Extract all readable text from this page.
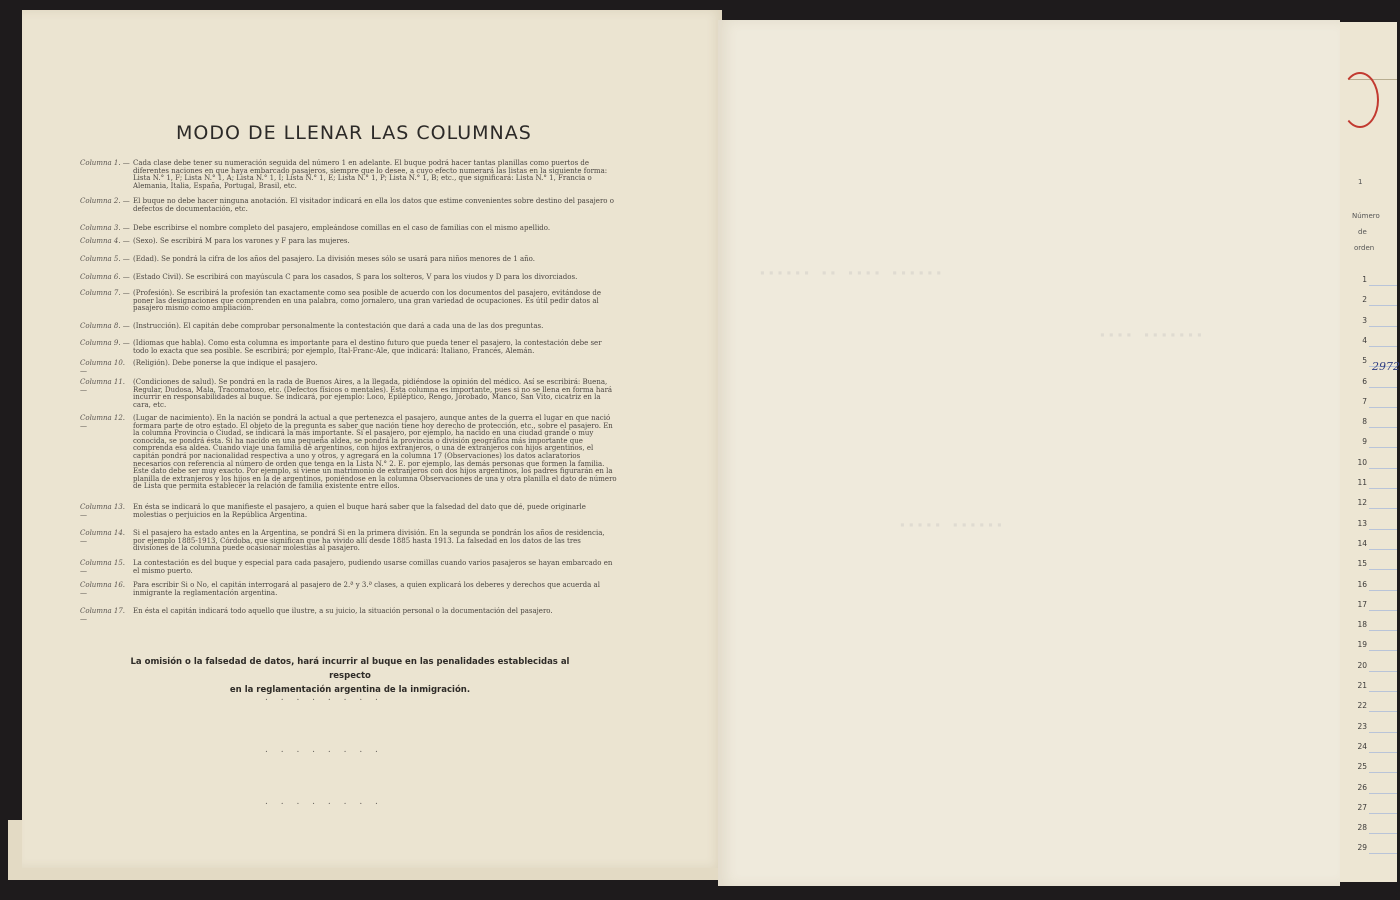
MODO DE LLENAR LAS COLUMNAS
Columna 1. — Cada clase debe tener su numeración seguida del número 1 en adelante. El buque podrá hacer tantas planillas como puertos de diferentes naciones en que haya embarcado pasajeros, siempre que lo desee, a cuyo efecto numerará las listas en la siguiente forma: Lista N.° 1, F; Lista N.° 1, A; Lista N.° 1, I; Lista N.° 1, E; Lista N.° 1, P; Lista N.° 1, B; etc., que significará: Lista N.° 1, Francia o Alemania, Italia, España, Portugal, Brasil, etc.
Columna 2. — El buque no debe hacer ninguna anotación. El visitador indicará en ella los datos que estime convenientes sobre destino del pasajero o defectos de documentación, etc.
Columna 3. — Debe escribirse el nombre completo del pasajero, empleándose comillas en el caso de familias con el mismo apellido.
Columna 4. — (Sexo). Se escribirá M para los varones y F para las mujeres.
Columna 5. — (Edad). Se pondrá la cifra de los años del pasajero. La división meses sólo se usará para niños menores de 1 año.
Columna 6. — (Estado Civil). Se escribirá con mayúscula C para los casados, S para los solteros, V para los viudos y D para los divorciados.
Columna 7. — (Profesión). Se escribirá la profesión tan exactamente como sea posible de acuerdo con los documentos del pasajero, evitándose de poner las designaciones que comprenden en una palabra, como jornalero, una gran variedad de ocupaciones. Es útil pedir datos al pasajero mismo como ampliación.
Columna 8. — (Instrucción). El capitán debe comprobar personalmente la contestación que dará a cada una de las dos preguntas.
Columna 9. — (Idiomas que habla). Como esta columna es importante para el destino futuro que pueda tener el pasajero, la contestación debe ser todo lo exacta que sea posible. Se escribirá; por ejemplo, Ital-Franc-Ale, que indicará: Italiano, Francés, Alemán.
Columna 10. —
(Religión). Debe ponerse la que indique el pasajero.
Columna 11. —
(Condiciones de salud). Se pondrá en la rada de Buenos Aires, a la llegada, pidiéndose la opinión del médico. Así se escribirá: Buena, Regular, Dudosa, Mala, Tracomatoso, etc. (Defectos físicos o mentales). Esta columna es importante, pues si no se llena en forma hará incurrir en responsabilidades al buque. Se indicará, por ejemplo: Loco, Epiléptico, Rengo, Jorobado, Manco, San Vito, cicatriz en la cara, etc.
Columna 12. —
(Lugar de nacimiento). En la nación se pondrá la actual a que pertenezca el pasajero, aunque antes de la guerra el lugar en que nació formara parte de otro estado. El objeto de la pregunta es saber que nación tiene hoy derecho de protección, etc., sobre el pasajero. En la columna Provincia o Ciudad, se indicará la más importante. Si el pasajero, por ejemplo, ha nacido en una ciudad grande o muy conocida, se pondrá ésta. Si ha nacido en una pequeña aldea, se pondrá la provincia o división geográfica más importante que comprenda esa aldea. Cuando viaje una familia de argentinos, con hijos extranjeros, o una de extranjeros con hijos argentinos, el capitán pondrá por nacionalidad respectiva a uno y otros, y agregará en la columna 17 (Observaciones) los datos aclaratorios necesarios con referencia al número de orden que tenga en la Lista N.° 2. E. por ejemplo, las demás personas que formen la familia. Este dato debe ser muy exacto. Por ejemplo, si viene un matrimonio de extranjeros con dos hijos argentinos, los padres figurarán en la planilla de extranjeros y los hijos en la de argentinos, poniéndose en la columna Observaciones de una y otra planilla el dato de número de Lista que permita establecer la relación de familia existente entre ellos.
Columna 13. —
En ésta se indicará lo que manifieste el pasajero, a quien el buque hará saber que la falsedad del dato que dé, puede originarle molestias o perjuicios en la República Argentina.
Columna 14. —
Si el pasajero ha estado antes en la Argentina, se pondrá Si en la primera división. En la segunda se pondrán los años de residencia, por ejemplo 1885-1913, Córdoba, que significan que ha vivido allí desde 1885 hasta 1913. La falsedad en los datos de las tres divisiones de la columna puede ocasionar molestias al pasajero.
Columna 15. —
La contestación es del buque y especial para cada pasajero, pudiendo usarse comillas cuando varios pasajeros se hayan embarcado en el mismo puerto.
Columna 16. —
Para escribir Si o No, el capitán interrogará al pasajero de 2.ª y 3.ª clases, a quien explicará los deberes y derechos que acuerda al inmigrante la reglamentación argentina.
Columna 17. —
En ésta el capitán indicará todo aquello que ilustre, a su juicio, la situación personal o la documentación del pasajero.
La omisión o la falsedad de datos, hará incurrir al buque en las penalidades establecidas al respecto
en la reglamentación argentina de la inmigración.
. . . . . . . .
. . . . . . . .
. . . . . . . .
▪▪▪▪▪▪ ▪▪ ▪▪▪▪ ▪▪▪▪▪▪
▪▪▪▪ ▪▪▪▪▪▪▪
▪▪▪▪▪ ▪▪▪▪▪▪
1
Número
de
orden
1
2
3
4
5
6
7
8
9
10
11
12
13
14
15
16
17
18
19
20
21
22
23
24
25
26
27
28
29
2972
